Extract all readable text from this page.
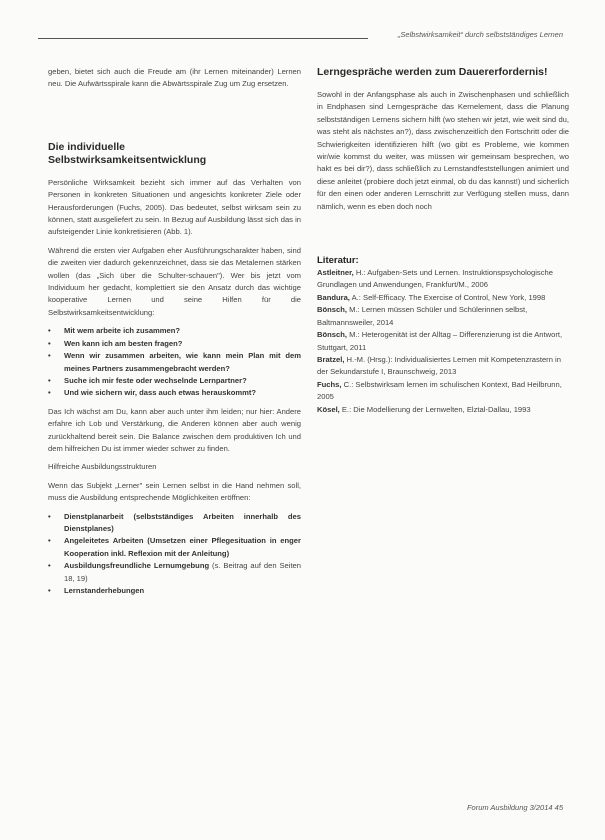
„Selbstwirksamkeit“ durch selbstständiges Lernen

geben, bietet sich auch die Freude am (ihr Lernen miteinander) Lernen neu. Die Aufwärtsspirale kann die Abwärtsspirale Zug um Zug ersetzen.

Die individuelle
Selbstwirksamkeitsentwicklung

Persönliche Wirksamkeit bezieht sich immer auf das Verhalten von Personen in konkreten Situationen und angesichts konkreter Ziele oder Herausforderungen (Fuchs, 2005). Das bedeutet, selbst wirksam sein zu können, statt ausgeliefert zu sein. In Bezug auf Ausbildung lässt sich das in aufsteigender Linie konkretisieren (Abb. 1).

Während die ersten vier Aufgaben eher Ausführungscharakter haben, sind die zweiten vier dadurch gekennzeichnet, dass sie das Metalernen stärken wollen (das „Sich über die Schulter-schauen"). Wer bis jetzt vom Individuum her gedacht, komplettiert sie den Ansatz durch das wichtige kooperative Lernen und seine Hilfen für die Selbstwirksamkeitsentwicklung:

• Mit wem arbeite ich zusammen?
• Wen kann ich am besten fragen?
• Wenn wir zusammen arbeiten, wie kann mein Plan mit dem meines Partners zusammengebracht werden?
• Suche ich mir feste oder wechselnde Lernpartner?
• Und wie sichern wir, dass auch etwas herauskommt?

Das Ich wächst am Du, kann aber auch unter ihm leiden; nur hier: Andere erfahre ich Lob und Verstärkung, die Anderen können aber auch wenig zurückhaltend bereit sein. Die Balance zwischen dem produktiven Ich und dem hilfreichen Du ist immer wieder schwer zu finden.

Hilfreiche Ausbildungsstrukturen

Wenn das Subjekt „Lerner" sein Lernen selbst in die Hand nehmen soll, muss die Ausbildung entsprechende Möglichkeiten eröffnen:

• Dienstplanarbeit (selbstständiges Arbeiten innerhalb des Dienstplanes)
• Angeleitetes Arbeiten (Umsetzen einer Pflegesituation in enger Kooperation inkl. Reflexion mit der Anleitung)
• Ausbildungsfreundliche Lernumgebung (s. Beitrag auf den Seiten 18, 19)
• Lernstanderhebungen
Lerngespräche werden zum Dauererfordernis!

Sowohl in der Anfangsphase als auch in Zwischenphasen und schließlich in Endphasen sind Lerngespräche das Kernelement, dass die Planung selbstständigen Lernens sichern hilft (wo stehen wir jetzt, wie weit sind du, was steht als nächstes an?), dass zwischenzeitlich den Fortschritt oder die Schwierigkeiten identifizieren hilft (wo gibt es Probleme, wie kommen wir/wie kommst du weiter, was müssen wir gemeinsam besprechen, wo hakt es bei dir?), dass schließlich zu Lernstandfeststellungen animiert und diese anleitet (probiere doch jetzt einmal, ob du das kannst!) und sicherlich für den einen oder anderen Lernschritt zur Verfügung stellen muss, dann nämlich, wenn es eben doch noch

Literatur:

Astleitner, H.: Aufgaben-Sets und Lernen. Instruktionspsychologische Grundlagen und Anwendungen, Frankfurt/M., 2006

Bandura, A.: Self-Efficacy. The Exercise of Control, New York, 1998

Bönsch, M.: Lernen müssen Schüler und Schülerinnen selbst, Baltmannsweiler, 2014

Bönsch, M.: Heterogenität ist der Alltag – Differenzierung ist die Antwort, Stuttgart, 2011

Bratzel, H.-M. (Hrsg.): Individualisiertes Lernen mit Kompetenzrastern in der Sekundarstufe I, Braunschweig, 2013

Fuchs, C.: Selbstwirksam lernen im schulischen Kontext, Bad Heilbrunn, 2005

Kösel, E.: Die Modellierung der Lernwelten, Elztal-Dallau, 1993

Forum Ausbildung 3/2014 45
